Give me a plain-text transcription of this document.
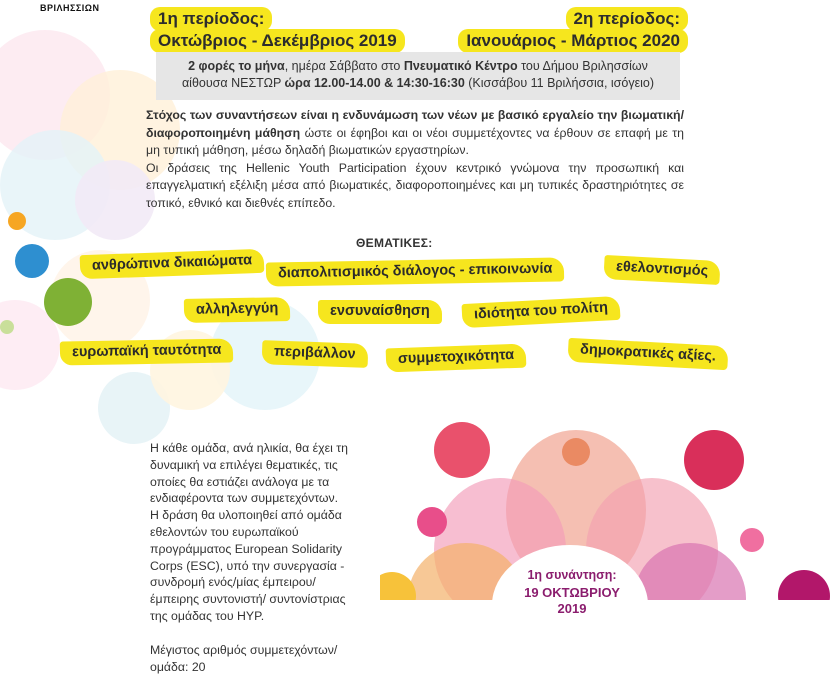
ΒΡΙΛΗΣΣΙΩΝ
1η περίοδος:
Οκτώβριος - Δεκέμβριος 2019
2η περίοδος:
Ιανουάριος - Μάρτιος 2020
2 φορές το μήνα, ημέρα Σάββατο στο Πνευματικό Κέντρο του Δήμου Βριλησσίων
αίθουσα ΝΕΣΤΩΡ ώρα 12.00-14.00 & 14:30-16:30 (Κισσάβου 11 Βριλήσσια, ισόγειο)

Στόχος των συναντήσεων είναι η ενδυνάμωση των νέων με βασικό εργαλείο την βιωματική/διαφοροποιημένη μάθηση ώστε οι έφηβοι και οι νέοι συμμετέχοντες να έρθουν σε επαφή με τη μη τυπική μάθηση, μέσω δηλαδή βιωματικών εργαστηρίων.

Οι δράσεις της Hellenic Youth Participation έχουν κεντρικό γνώμονα την προσωπική και επαγγελματική εξέλιξη μέσα από βιωματικές, διαφοροποιημένες και μη τυπικές δραστηριότητες σε τοπικό, εθνικό και διεθνές επίπεδο.

ΘΕΜΑΤΙΚΕΣ:
ανθρώπινα δικαιώματα	διαπολιτισμικός διάλογος - επικοινωνία	εθελοντισμός
αλληλεγγύη	ενσυναίσθηση	ιδιότητα του πολίτη
ευρωπαϊκή ταυτότητα	περιβάλλον	συμμετοχικότητα	δημοκρατικές αξίες.

Η κάθε ομάδα, ανά ηλικία, θα έχει τη δυναμική να επιλέγει θεματικές, τις οποίες θα εστιάζει ανάλογα με τα ενδιαφέροντα των συμμετεχόντων.

Η δράση θα υλοποιηθεί από ομάδα εθελοντών του ευρωπαϊκού προγράμματος European Solidarity Corps (ESC), υπό την συνεργασία - συνδρομή ενός/μίας έμπειρου/έμπειρης συντονιστή/ συντονίστριας της ομάδας του HYP.

Μέγιστος αριθμός συμμετεχόντων/ομάδα: 20

1η συνάντηση:
19 ΟΚΤΩΒΡΙΟΥ 2019
